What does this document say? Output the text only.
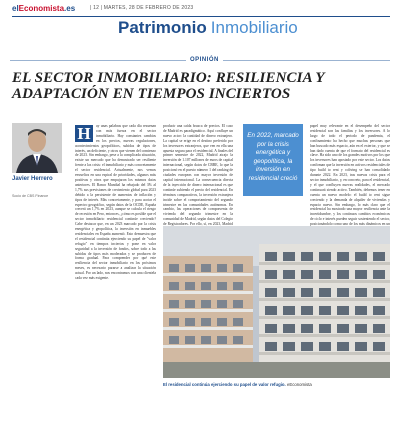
elEconomista.es	| 12 | MARTES, 28 DE FEBRERO DE 2023
Patrimonio Inmobiliario
OPINIÓN
EL SECTOR INMOBILIARIO: RESILIENCIA Y ADAPTACIÓN EN TIEMPOS INCIERTOS
Javier Herrero
Socio de CBS Finance
H	ay unas palabras que cada día resuenan con más fuerza en el sector inmobiliario. Hay constantes cambios en los precios, nuevas regulaciones, acontecimientos geopolíticos, subidas de tipos de interés, un deficiente, y otros que vienen del comienzo de 2023. Sin embargo, pese a la complicada situación, existe un mercado que ha demostrado ser resiliente frente a las crisis: el inmobiliario y más concretamente el sector residencial. Actualmente, nos vemos envueltos en una espiral de prioridades, algunos más positivas y otros que empujaron los mismos datos anteriores. El Banco Mundial ha rebajado del 3% al 1,7% sus previsiones de crecimiento global para 2023 debido a la persistente de aumentos de inflación y tipos de interés. Más concretamente, y para acotar el espectro geográfico, según datos de la OCDE, España crecerá un 1,7% en 2023, aunque se calcula el riesgo de recesión en Pero, entonces, ¿cómo es posible que el sector inmobiliario residencial continúe creciendo? Cabe destacar que, en un 2023 marcado por la crisis energética y geopolítica, la inversión en inmuebles residenciales en España aumentó. Esto demuestra que el residencial continúa ejerciendo su papel de "valor refugio" en tiempos inciertos y pone en valor seguridad a la inversión de fondos, sobre todo a las subidas de tipos más moderadas y se producen de forma gradual. Para comprender por qué este resiliencia del sector inmobiliario en los próximos meses, es necesario pararse a analizar la situación actual. Por un lado, nos encontramos con una clientela cada vez más exigente.
producir una caída brusca de precios. El caso de Madrid es paradigmático. Aquí confluye un nuevo actor: la cantidad de dinero extranjero. La capital se erige en el destino preferido por los inversores extranjeros, que ven en ella una apuesta segura para el residencial. A finales del primer semestre de 2022, Madrid atrajo la inversión de 1.107 millones de euros de capital internacional, según datos de CBRE, lo que la posicionó en el puesto número 1 del ranking de ciudades europeas con mayor inversión de capital internacional. La consecuencia directa de la inyección de dinero internacional es que continúe subiendo el precio del residencial. En términos comparativos, la inversión extranjera incide sobre el comportamiento del segundo trimestre en las comunidades autónomas. En cambio, las operaciones de compraventa de vivienda del segundo trimestre en la comunidad de Madrid, según datos del Colegio de Registradores. Por ello, sí, en 2023, Madrid
En 2022, marcado por la crisis energética y geopolítica, la inversión en residencial creció
papel muy relevante en el desempeño del sector residencial son las familias y los inversores. A lo largo de todo el periodo de pandemia, el confinamiento ha hecho que muchas personas que han buscado más espacio, aún en el exterior, y que se han dado cuenta de que el formato del residencial es clave. Ha sido uno de los grandes motivos por los que los inversores han apostado por este sector. Los datos confirman que la inversión en activos residenciales de tipo build to rent y coliving se han consolidado durante 2022. En 2023, tras nuevas crisis para el sector inmobiliario, y, en concreto, para el residencial, y el que confluyen nuevas realidades, el mercado continuará siendo activo. También, debemos tener en cuenta un nuevo modelo: el build to rent sigue creciendo y la demanda de alquiler de viviendas y espacio nuevo. Sin embargo, lo más claro que el residencial ha mostrado una mayor resiliencia ante la incertidumbre, y los continuos cambios económicos de ciclo e interés pueden seguir sosteniendo el sector, posicionándolo como uno de los más dinámicos en un
El residencial continúa ejerciendo su papel de valor refugio. eEconomista
